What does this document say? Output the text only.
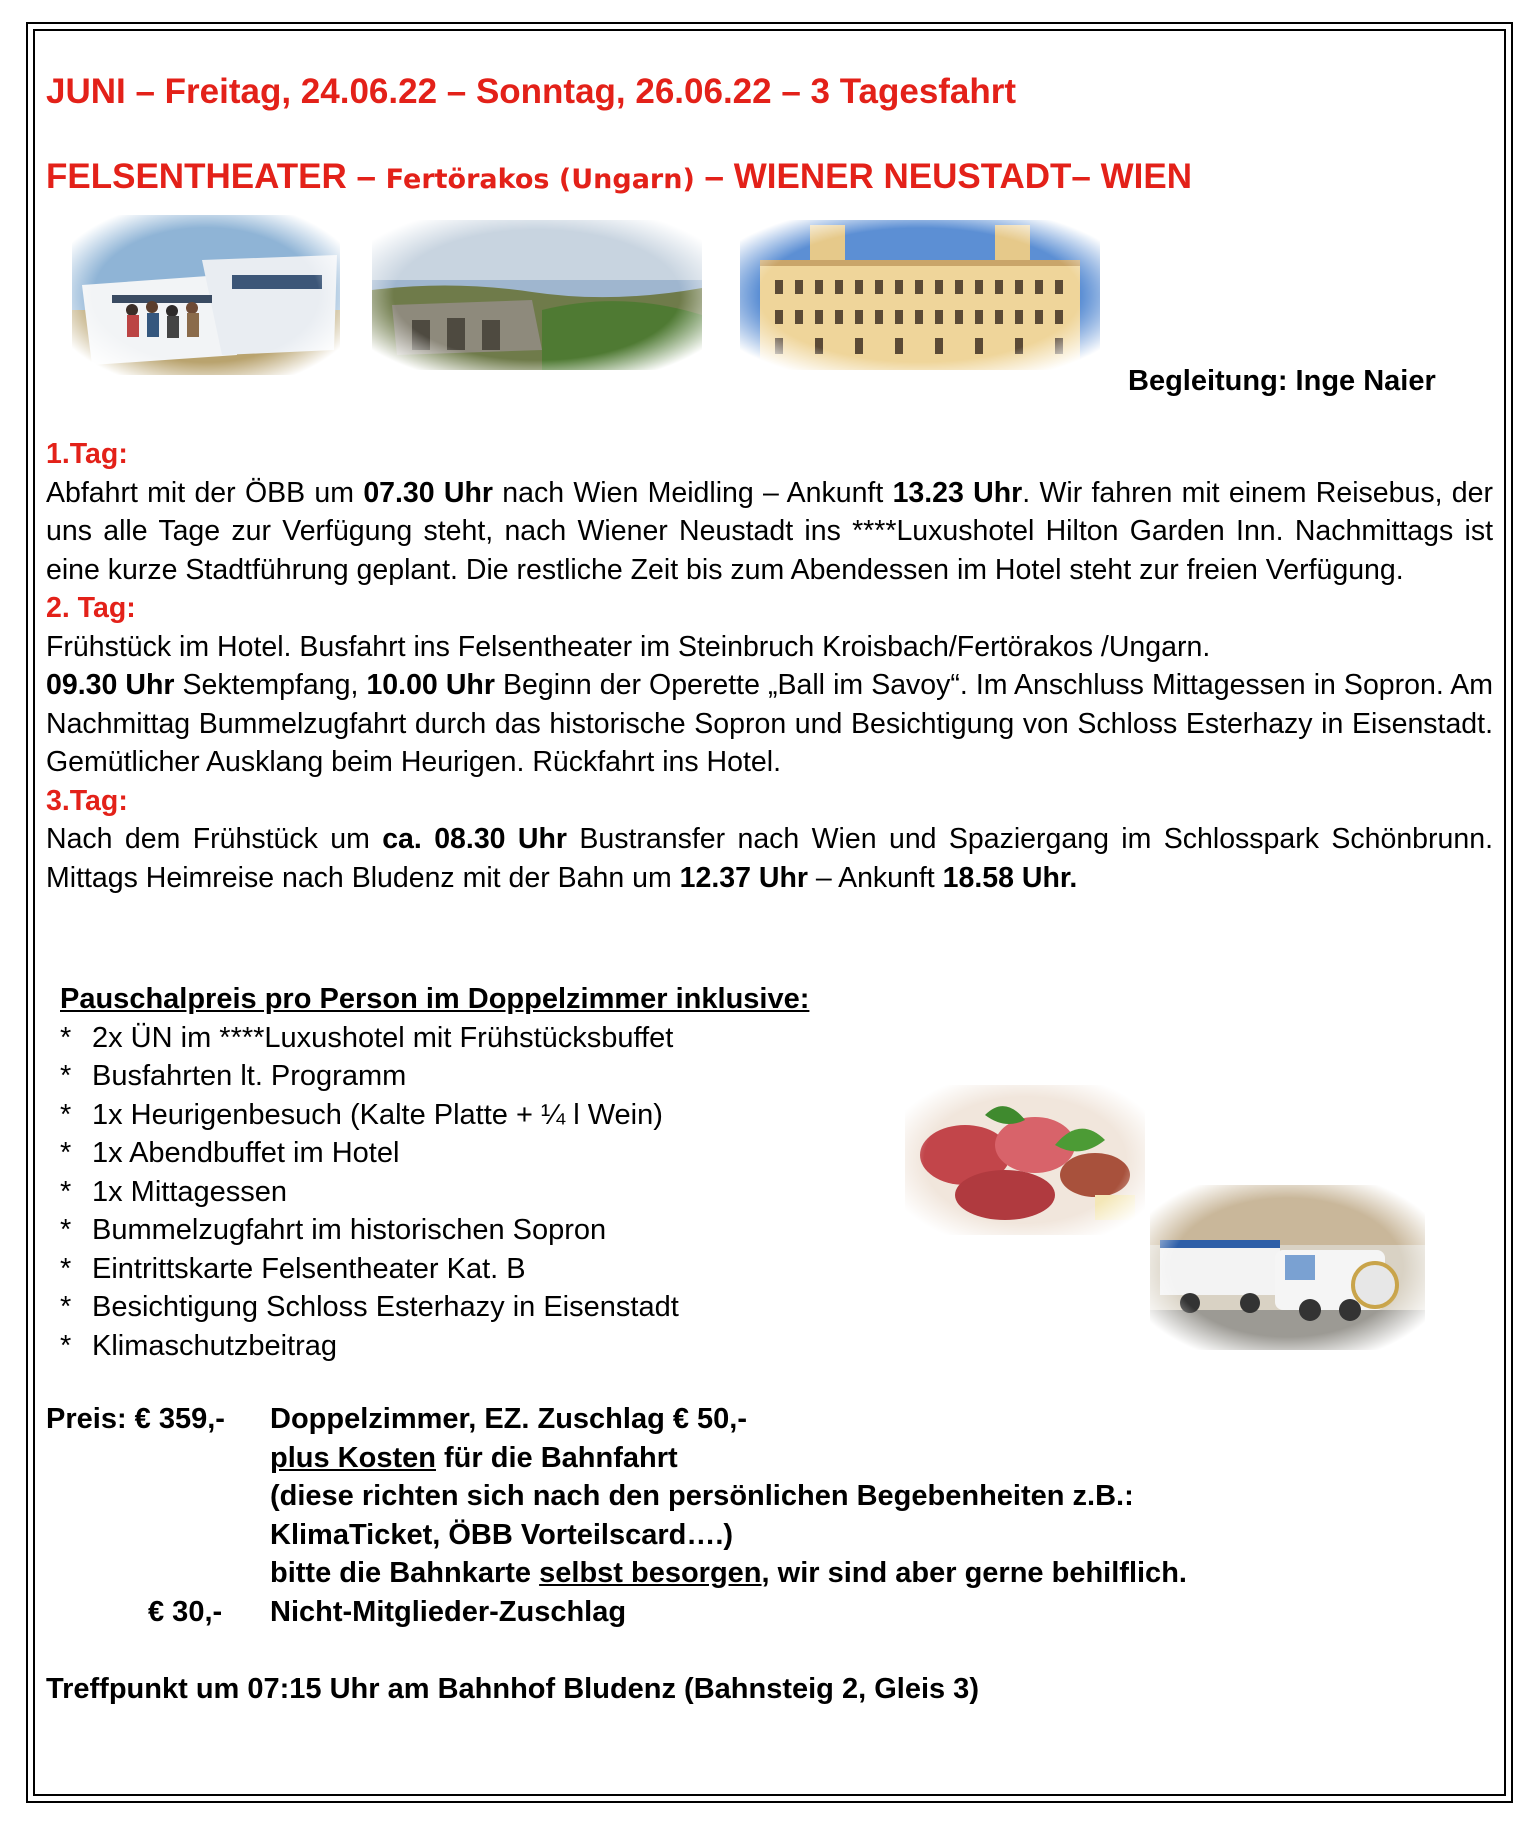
JUNI – Freitag, 24.06.22 – Sonntag, 26.06.22 – 3 Tagesfahrt
FELSENTHEATER – Fertörakos (Ungarn) – WIENER NEUSTADT– WIEN
Begleitung: Inge Naier

1.Tag:

Abfahrt mit der ÖBB um 07.30 Uhr nach Wien Meidling – Ankunft 13.23 Uhr. Wir fahren mit einem Reisebus, der uns alle Tage zur Verfügung steht, nach Wiener Neustadt ins ****Luxushotel Hilton Garden Inn. Nachmittags ist eine kurze Stadtführung geplant. Die restliche Zeit bis zum Abendessen im Hotel steht zur freien Verfügung.

2. Tag:

Frühstück im Hotel. Busfahrt ins Felsentheater im Steinbruch Kroisbach/Fertörakos /Ungarn.

09.30 Uhr Sektempfang, 10.00 Uhr Beginn der Operette „Ball im Savoy“. Im Anschluss Mittagessen in Sopron. Am Nachmittag Bummelzugfahrt durch das historische Sopron und Besichtigung von Schloss Esterhazy in Eisenstadt. Gemütlicher Ausklang beim Heurigen. Rückfahrt ins Hotel.

3.Tag:

Nach dem Frühstück um ca. 08.30 Uhr Bustransfer nach Wien und Spaziergang im Schlosspark Schönbrunn. Mittags Heimreise nach Bludenz mit der Bahn um 12.37 Uhr – Ankunft 18.58 Uhr.

Pauschalpreis pro Person im Doppelzimmer inklusive:

* 2x ÜN im ****Luxushotel mit Frühstücksbuffet
* Busfahrten lt. Programm
* 1x Heurigenbesuch (Kalte Platte + ¼ l Wein)
* 1x Abendbuffet im Hotel
* 1x Mittagessen
* Bummelzugfahrt im historischen Sopron
* Eintrittskarte Felsentheater Kat. B
* Besichtigung Schloss Esterhazy in Eisenstadt
* Klimaschutzbeitrag
Preis: € 359,-	Doppelzimmer, EZ. Zuschlag € 50,-
plus Kosten für die Bahnfahrt
(diese richten sich nach den persönlichen Begebenheiten z.B.:
KlimaTicket, ÖBB Vorteilscard….)
bitte die Bahnkarte selbst besorgen, wir sind aber gerne behilflich.
€ 30,-	Nicht-Mitglieder-Zuschlag
Treffpunkt um 07:15 Uhr am Bahnhof Bludenz (Bahnsteig 2, Gleis 3)
